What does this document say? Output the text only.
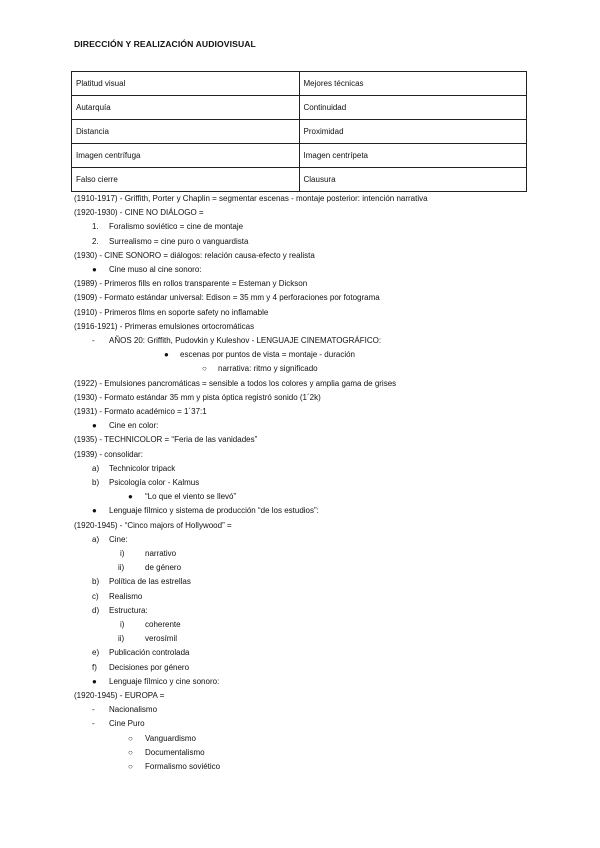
DIRECCIÓN Y REALIZACIÓN AUDIOVISUAL
Platitud visual	Mejores técnicas
Autarquía	Continuidad
Distancia	Proximidad
Imagen centrífuga	Imagen centrípeta
Falso cierre	Clausura
(1910-1917) - Griffith, Porter y Chaplin = segmentar escenas - montaje posterior: intención narrativa
(1920-1930) - CINE NO DIÁLOGO =
1. Foralismo soviético = cine de montaje
2. Surrealismo = cine puro o vanguardista
(1930) - CINE SONORO = diálogos: relación causa-efecto y realista
● Cine muso al cine sonoro:
(1989) - Primeros fills en rollos transparente = Esteman y Dickson
(1909) - Formato estándar universal: Edison = 35 mm y 4 perforaciones por fotograma
(1910) - Primeros films en soporte safety no inflamable
(1916-1921) - Primeras emulsiones ortocromáticas
- AÑOS 20: Griffith, Pudovkin y Kuleshov - LENGUAJE CINEMATOGRÁFICO:
● escenas por puntos de vista = montaje - duración
○ narrativa: ritmo y significado
(1922) - Emulsiones pancromáticas = sensible a todos los colores y amplia gama de grises
(1930) - Formato estándar 35 mm y pista óptica registró sonido (1´2k)
(1931) - Formato académico = 1´37:1
● Cine en color:
(1935) - TECHNICOLOR = “Feria de las vanidades”
(1939) - consolidar:
a) Technicolor tripack
b) Psicología color - Kalmus
● “Lo que el viento se llevó”
● Lenguaje fílmico y sistema de producción “de los estudios”:
(1920-1945) - “Cinco majors of Hollywood” =
a) Cine:
i)	narrativo
ii)	de género
b) Política de las estrellas
c) Realismo
d) Estructura:
i)	coherente
ii)	verosímil
e) Publicación controlada
f) Decisiones por género
● Lenguaje fílmico y cine sonoro:
(1920-1945) - EUROPA =
- Nacionalismo
- Cine Puro
○ Vanguardismo
○ Documentalismo
○ Formalismo soviético
